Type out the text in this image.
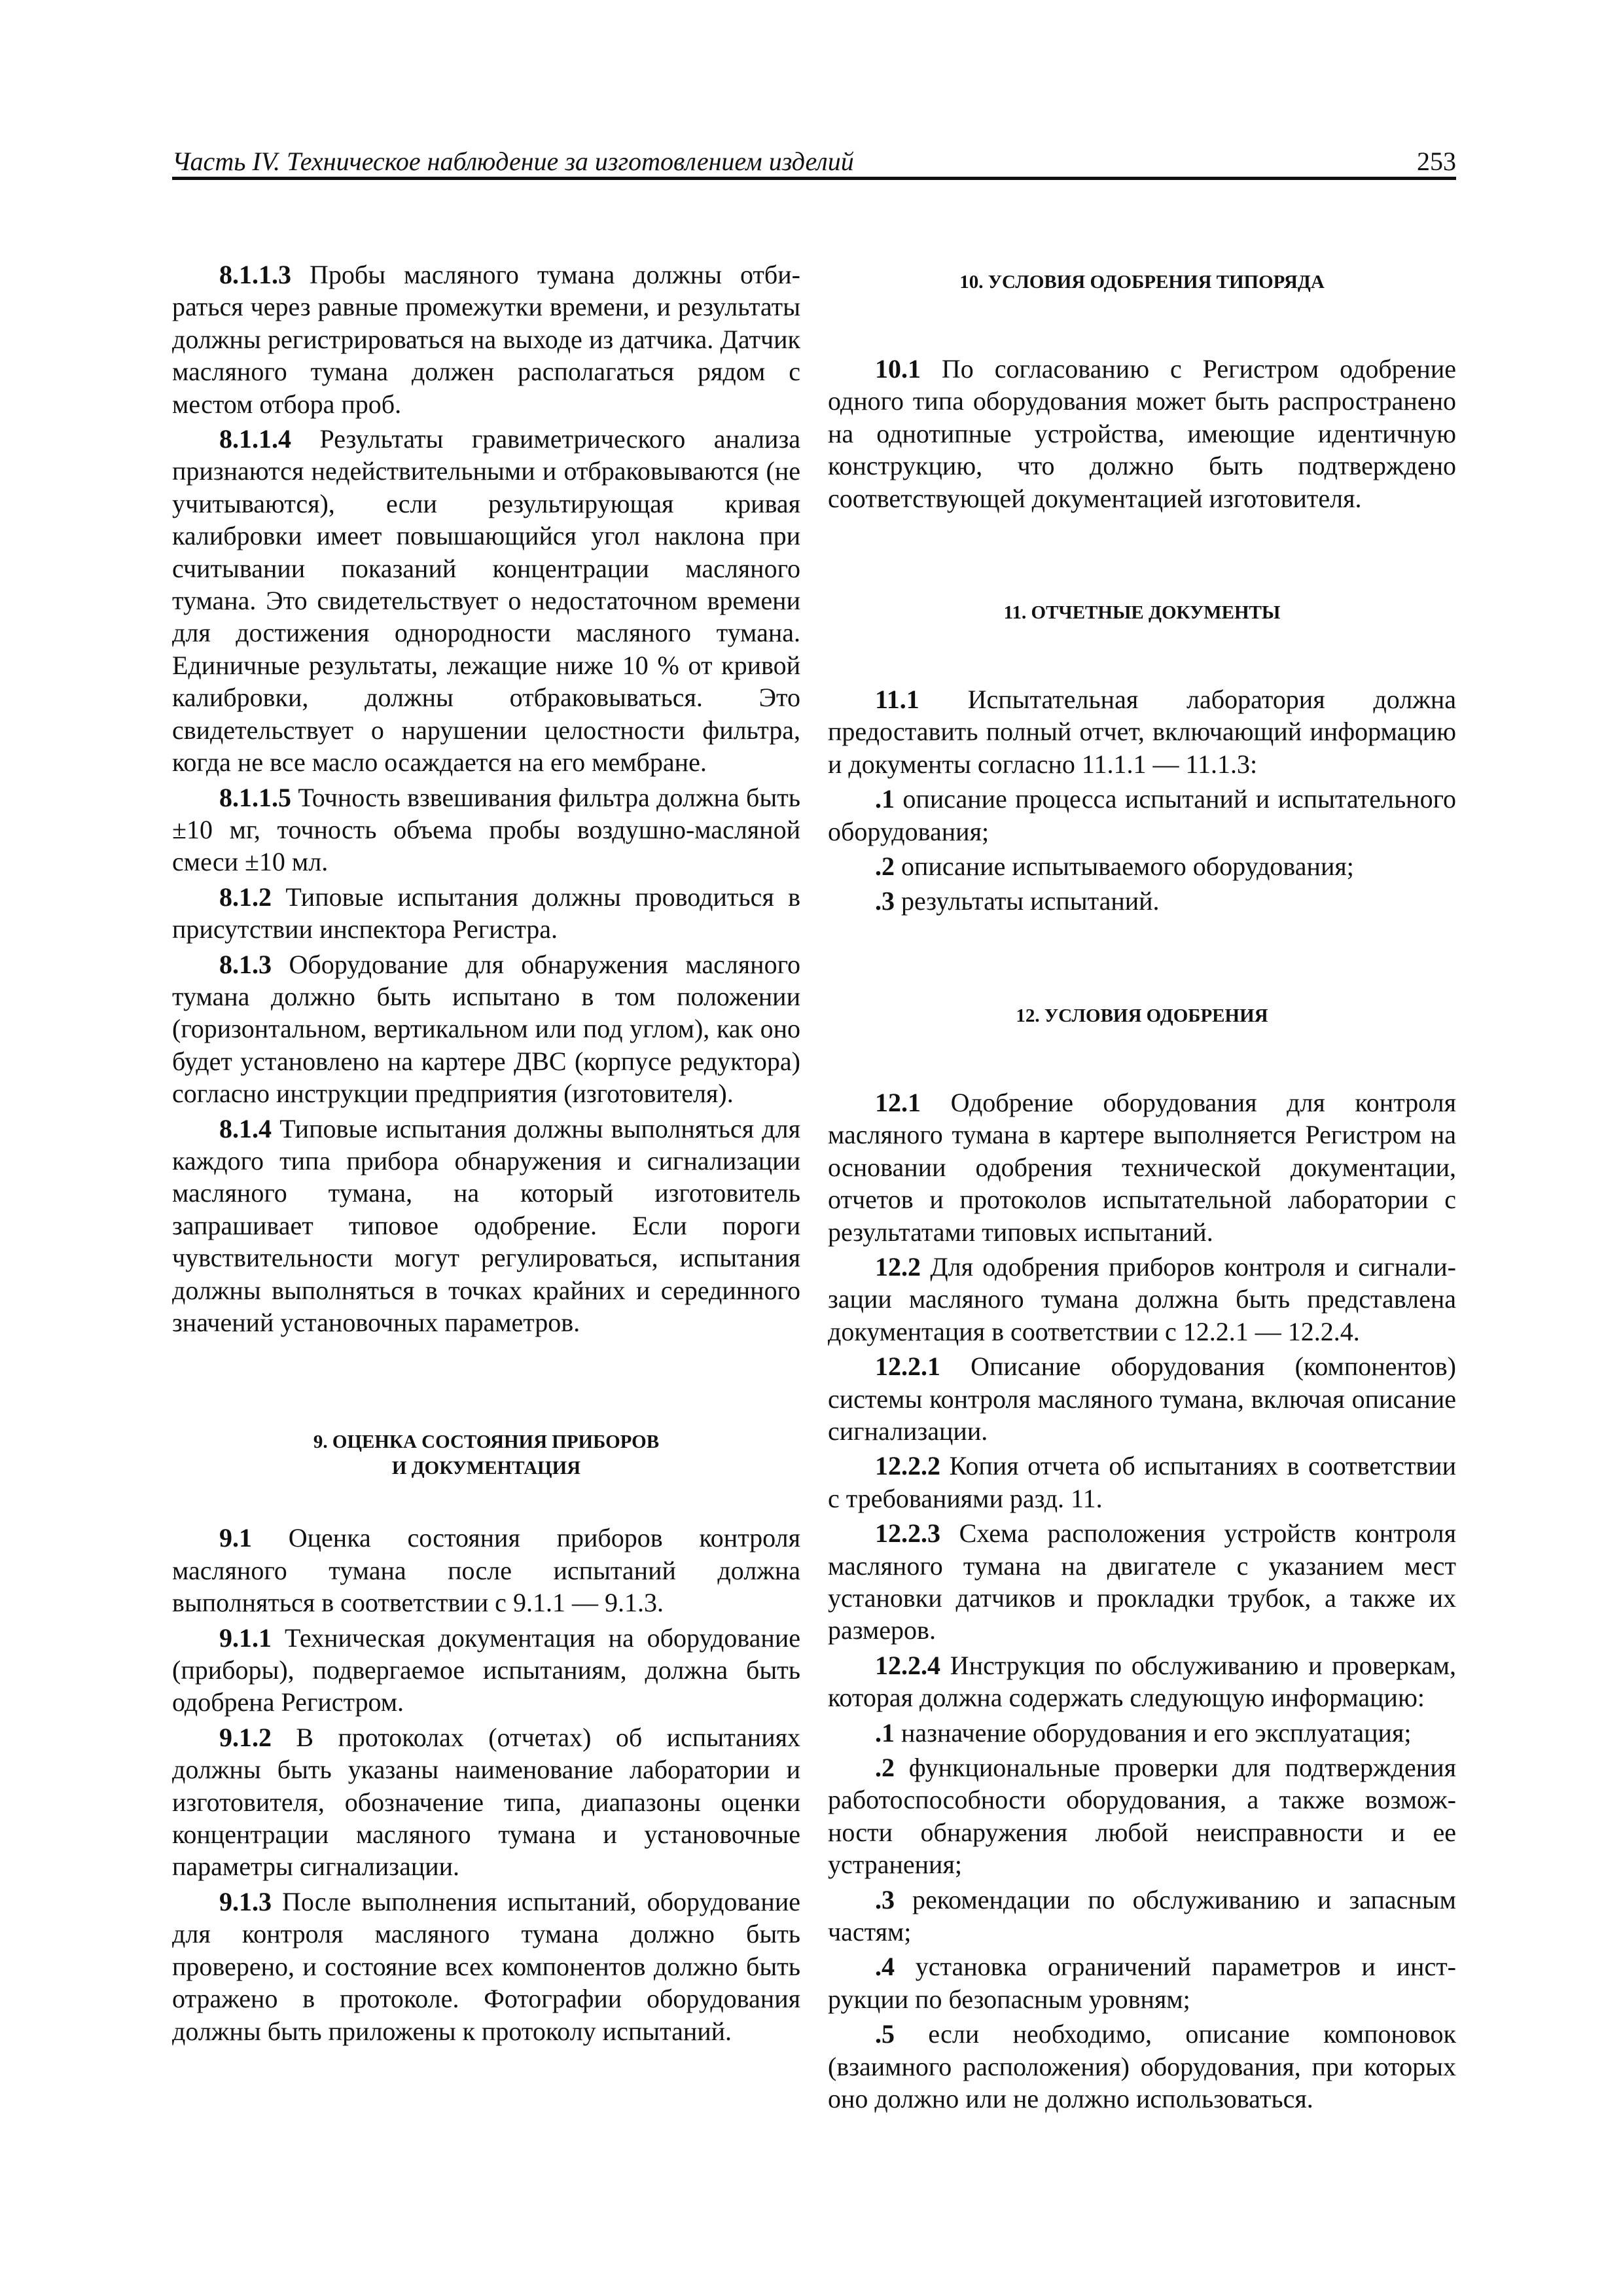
Часть IV. Техническое наблюдение за изготовлением изделий	253

8.1.1.3 Пробы масляного тумана должны отбираться через равные промежутки времени, и результаты должны регистрироваться на выходе из датчика. Датчик масляного тумана должен располагаться рядом с местом отбора проб.

8.1.1.4 Результаты гравиметрического анализа признаются недействительными и отбраковываются (не учитываются), если результирующая кривая калибровки имеет повышающийся угол наклона при считывании показаний концентрации масляного тумана. Это свидетельствует о недостаточном времени для достижения однородности масляного тумана. Единичные результаты, лежащие ниже 10 % от кривой калибровки, должны отбраковываться. Это свидетельствует о нарушении целостности фильтра, когда не все масло осаждается на его мембране.

8.1.1.5 Точность взвешивания фильтра должна быть ±10 мг, точность объема пробы воздушно-масляной смеси ±10 мл.

8.1.2 Типовые испытания должны проводиться в присутствии инспектора Регистра.

8.1.3 Оборудование для обнаружения масляного тумана должно быть испытано в том положении (горизонтальном, вертикальном или под углом), как оно будет установлено на картере ДВС (корпусе редуктора) согласно инструкции предприятия (изготовителя).

8.1.4 Типовые испытания должны выполняться для каждого типа прибора обнаружения и сигнализации масляного тумана, на который изготовитель запрашивает типовое одобрение. Если пороги чувствительности могут регулироваться, испытания должны выполняться в точках крайних и серединного значений установочных параметров.

9. ОЦЕНКА СОСТОЯНИЯ ПРИБОРОВ
И ДОКУМЕНТАЦИЯ

9.1 Оценка состояния приборов контроля масляного тумана после испытаний должна выполняться в соответствии с 9.1.1 — 9.1.3.

9.1.1 Техническая документация на оборудование (приборы), подвергаемое испытаниям, должна быть одобрена Регистром.

9.1.2 В протоколах (отчетах) об испытаниях должны быть указаны наименование лаборатории и изготовителя, обозначение типа, диапазоны оценки концентрации масляного тумана и установочные параметры сигнализации.

9.1.3 После выполнения испытаний, оборудование для контроля масляного тумана должно быть проверено, и состояние всех компонентов должно быть отражено в протоколе. Фотографии оборудования должны быть приложены к протоколу испытаний.

10. УСЛОВИЯ ОДОБРЕНИЯ ТИПОРЯДА

10.1 По согласованию с Регистром одобрение одного типа оборудования может быть распространено на однотипные устройства, имеющие идентичную конструкцию, что должно быть подтверждено соответствующей документацией изготовителя.

11. ОТЧЕТНЫЕ ДОКУМЕНТЫ

11.1 Испытательная лаборатория должна предоставить полный отчет, включающий информацию и документы согласно 11.1.1 — 11.1.3:

.1 описание процесса испытаний и испытательного оборудования;

.2 описание испытываемого оборудования;

.3 результаты испытаний.

12. УСЛОВИЯ ОДОБРЕНИЯ

12.1 Одобрение оборудования для контроля масляного тумана в картере выполняется Регистром на основании одобрения технической документации, отчетов и протоколов испытательной лаборатории с результатами типовых испытаний.

12.2 Для одобрения приборов контроля и сигнализации масляного тумана должна быть представлена документация в соответствии с 12.2.1 — 12.2.4.

12.2.1 Описание оборудования (компонентов) системы контроля масляного тумана, включая описание сигнализации.

12.2.2 Копия отчета об испытаниях в соответствии с требованиями разд. 11.

12.2.3 Схема расположения устройств контроля масляного тумана на двигателе с указанием мест установки датчиков и прокладки трубок, а также их размеров.

12.2.4 Инструкция по обслуживанию и проверкам, которая должна содержать следующую информацию:

.1 назначение оборудования и его эксплуатация;

.2 функциональные проверки для подтверждения работоспособности оборудования, а также возможности обнаружения любой неисправности и ее устранения;

.3 рекомендации по обслуживанию и запасным частям;

.4 установка ограничений параметров и инструкции по безопасным уровням;

.5 если необходимо, описание компоновок (взаимного расположения) оборудования, при которых оно должно или не должно использоваться.
